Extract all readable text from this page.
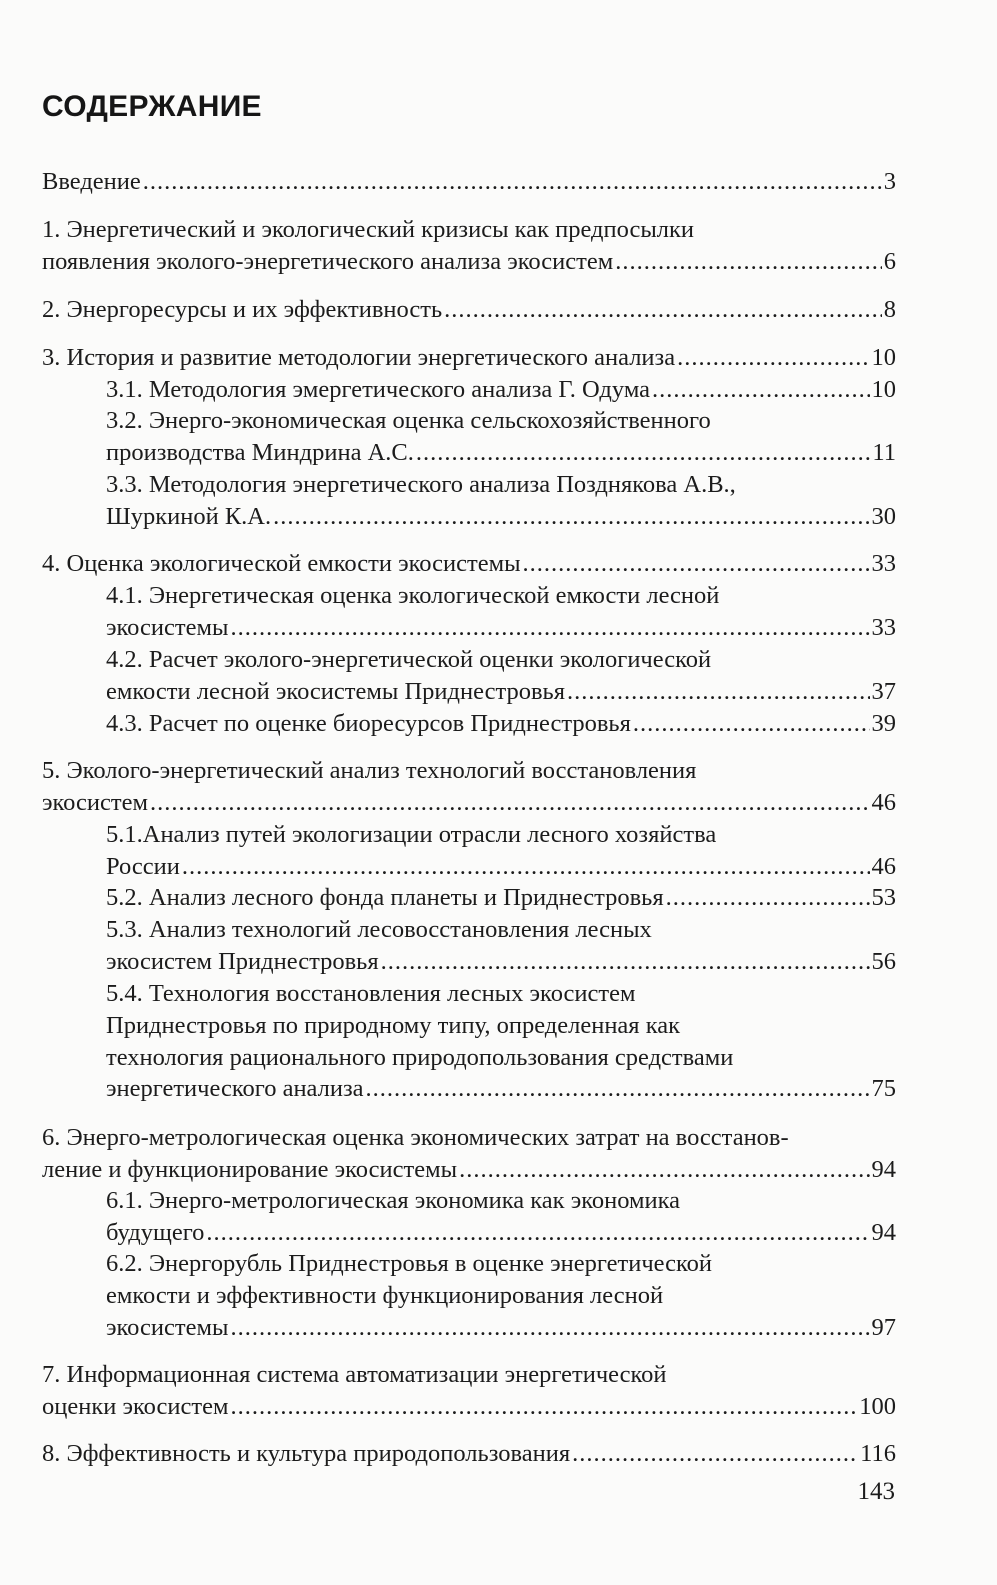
СОДЕРЖАНИЕ
Введение .....	3
1. Энергетический и экологический кризисы как предпосылки
появления эколого-энергетического анализа экосистем .....	6
2. Энергоресурсы и их эффективность .....	8
3. История и развитие методологии энергетического анализа .....	10
3.1. Методология эмергетического анализа Г. Одума .....	10
3.2. Энерго-экономическая оценка сельскохозяйственного
производства Миндрина А.С. .....	11
3.3. Методология энергетического анализа Позднякова А.В.,
Шуркиной К.А. .....	30
4. Оценка экологической емкости экосистемы .....	33
4.1. Энергетическая оценка экологической емкости лесной
экосистемы .....	33
4.2. Расчет эколого-энергетической оценки экологической
емкости лесной экосистемы Приднестровья .....	37
4.3. Расчет по оценке биоресурсов Приднестровья .....	39
5. Эколого-энергетический анализ технологий восстановления
экосистем .....	46
5.1.Анализ путей экологизации отрасли лесного хозяйства
России .....	46
5.2. Анализ лесного фонда планеты и Приднестровья .....	53
5.3. Анализ технологий лесовосстановления лесных
экосистем Приднестровья .....	56
5.4. Технология восстановления лесных экосистем
Приднестровья по природному типу, определенная как
технология рационального природопользования средствами
энергетического анализа .....	75
6. Энерго-метрологическая оценка экономических затрат на восстанов-
ление и функционирование экосистемы .....	94
6.1. Энерго-метрологическая экономика как экономика
будущего .....	94
6.2. Энергорубль Приднестровья в оценке энергетической
емкости и эффективности функционирования лесной
экосистемы .....	97
7. Информационная система автоматизации энергетической
оценки экосистем .....	100
8. Эффективность и культура природопользования .....	116
143
